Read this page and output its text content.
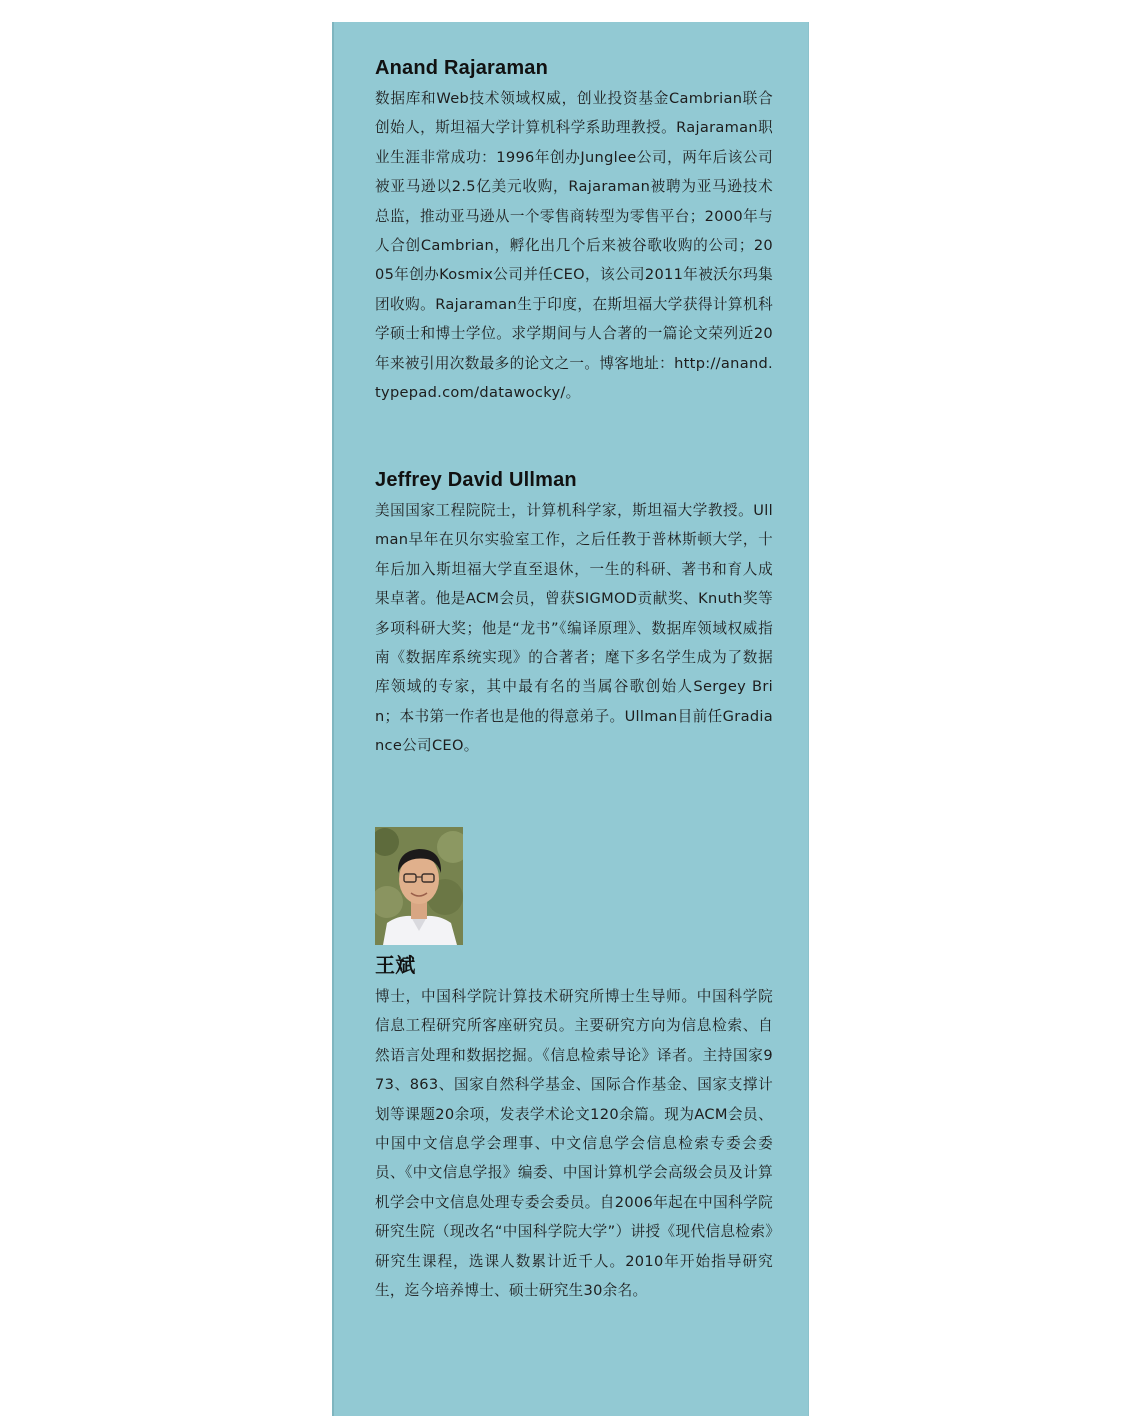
Anand Rajaraman

数据库和Web技术领域权威，创业投资基金Cambrian联合创始人，斯坦福大学计算机科学系助理教授。Rajaraman职业生涯非常成功：1996年创办Junglee公司，两年后该公司被亚马逊以2.5亿美元收购，Rajaraman被聘为亚马逊技术总监，推动亚马逊从一个零售商转型为零售平台；2000年与人合创Cambrian，孵化出几个后来被谷歌收购的公司；2005年创办Kosmix公司并任CEO，该公司2011年被沃尔玛集团收购。Rajaraman生于印度，在斯坦福大学获得计算机科学硕士和博士学位。求学期间与人合著的一篇论文荣列近20年来被引用次数最多的论文之一。博客地址：http://anand.typepad.com/datawocky/。

Jeffrey David Ullman

美国国家工程院院士，计算机科学家，斯坦福大学教授。Ullman早年在贝尔实验室工作，之后任教于普林斯顿大学，十年后加入斯坦福大学直至退休，一生的科研、著书和育人成果卓著。他是ACM会员，曾获SIGMOD贡献奖、Knuth奖等多项科研大奖；他是“龙书”《编译原理》、数据库领域权威指南《数据库系统实现》的合著者；麾下多名学生成为了数据库领域的专家，其中最有名的当属谷歌创始人Sergey Brin；本书第一作者也是他的得意弟子。Ullman目前任Gradiance公司CEO。

王斌

博士，中国科学院计算技术研究所博士生导师。中国科学院信息工程研究所客座研究员。主要研究方向为信息检索、自然语言处理和数据挖掘。《信息检索导论》译者。主持国家973、863、国家自然科学基金、国际合作基金、国家支撑计划等课题20余项，发表学术论文120余篇。现为ACM会员、中国中文信息学会理事、中文信息学会信息检索专委会委员、《中文信息学报》编委、中国计算机学会高级会员及计算机学会中文信息处理专委会委员。自2006年起在中国科学院研究生院（现改名“中国科学院大学”）讲授《现代信息检索》研究生课程，选课人数累计近千人。2010年开始指导研究生，迄今培养博士、硕士研究生30余名。
